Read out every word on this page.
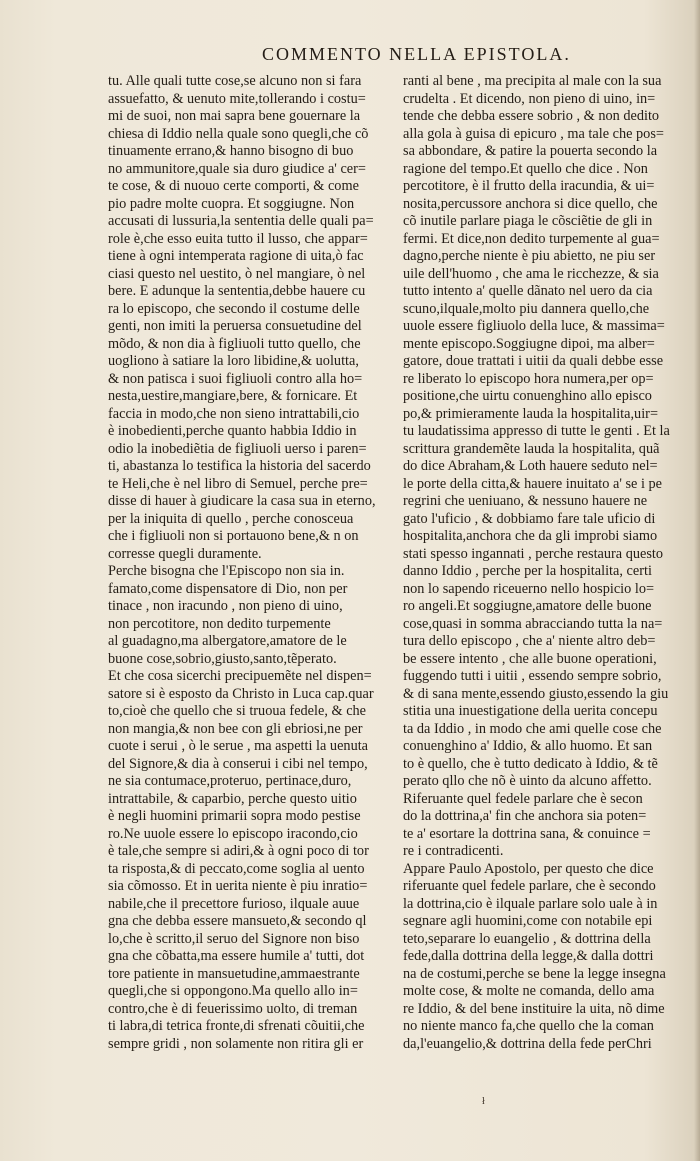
COMMENTO NELLA EPISTOLA.
tu. Alle quali tutte cose,se alcuno non si fara
assuefatto, & uenuto mite,tollerando i costu=
mi de suoi, non mai sapra bene gouernare la
chiesa di Iddio nella quale sono quegli,che cõ
tinuamente errano,& hanno bisogno di buo
no ammunitore,quale sia duro giudice a' cer=
te cose, & di nuouo certe comporti, & come
pio padre molte cuopra. Et soggiugne. Non
accusati di lussuria,la sententia delle quali pa=
role è,che esso euita tutto il lusso, che appar=
tiene à ogni intemperata ragione di uita,ò fac
ciasi questo nel uestito, ò nel mangiare, ò nel
bere. E adunque la sententia,debbe hauere cu
ra lo episcopo, che secondo il costume delle
genti, non imiti la peruersa consuetudine del
mõdo, & non dia à figliuoli tutto quello, che
uogliono à satiare la loro libidine,& uolutta,
& non patisca i suoi figliuoli contro alla ho=
nesta,uestire,mangiare,bere, & fornicare. Et
faccia in modo,che non sieno intrattabili,cio
è inobedienti,perche quanto habbia Iddio in
odio la inobediẽtia de figliuoli uerso i paren=
ti, abastanza lo testifica la historia del sacerdo
te Heli,che è nel libro di Semuel, perche pre=
disse di hauer à giudicare la casa sua in eterno,
per la iniquita di quello , perche conosceua
che i figliuoli non si portauono bene,& n on
corresse quegli duramente.
Perche bisogna che l'Episcopo non sia in.
famato,come dispensatore di Dio, non per
tinace , non iracundo , non pieno di uino,
non percotitore, non dedito turpemente
al guadagno,ma albergatore,amatore de le
buone cose,sobrio,giusto,santo,tẽperato.
Et che cosa sicerchi precipuemẽte nel dispen=
satore si è esposto da Christo in Luca cap.quar
to,cioè che quello che si truoua fedele, & che
non mangia,& non bee con gli ebriosi,ne per
cuote i serui , ò le serue , ma aspetti la uenuta
del Signore,& dia à conserui i cibi nel tempo,
ne sia contumace,proteruo, pertinace,duro,
intrattabile, & caparbio, perche questo uitio
è negli huomini primarii sopra modo pestise
ro.Ne uuole essere lo episcopo iracondo,cio
è tale,che sempre si adiri,& à ogni poco di tor
ta risposta,& di peccato,come soglia al uento
sia cõmosso. Et in uerita niente è piu inratio=
nabile,che il precettore furioso, ilquale auue
gna che debba essere mansueto,& secondo ql
lo,che è scritto,il seruo del Signore non biso
gna che cõbatta,ma essere humile a' tutti, dot
tore patiente in mansuetudine,ammaestrante
quegli,che si oppongono.Ma quello allo in=
contro,che è di feuerissimo uolto, di treman
ti labra,di tetrica fronte,di sfrenati cõuitii,che
sempre gridi , non solamente non ritira gli er
ranti al bene , ma precipita al male con la sua
crudelta . Et dicendo, non pieno di uino, in=
tende che debba essere sobrio , & non dedito
alla gola à guisa di epicuro , ma tale che pos=
sa abbondare, & patire la pouerta secondo la
ragione del tempo.Et quello che dice . Non
percotitore, è il frutto della iracundia, & ui=
nosita,percussore anchora si dice quello, che
cõ inutile parlare piaga le cõsciẽtie de gli in
fermi. Et dice,non dedito turpemente al gua=
dagno,perche niente è piu abietto, ne piu ser
uile dell'huomo , che ama le ricchezze, & sia
tutto intento a' quelle dãnato nel uero da cia
scuno,ilquale,molto piu dannera quello,che
uuole essere figliuolo della luce, & massima=
mente episcopo.Soggiugne dipoi, ma alber=
gatore, doue trattati i uitii da quali debbe esse
re liberato lo episcopo hora numera,per op=
positione,che uirtu conuenghino allo episco
po,& primieramente lauda la hospitalita,uir=
tu laudatissima appresso di tutte le genti . Et la
scrittura grandemẽte lauda la hospitalita, quã
do dice Abraham,& Loth hauere seduto nel=
le porte della citta,& hauere inuitato a' se i pe
regrini che ueniuano, & nessuno hauere ne
gato l'uficio , & dobbiamo fare tale uficio di
hospitalita,anchora che da gli improbi siamo
stati spesso ingannati , perche restaura questo
danno Iddio , perche per la hospitalita, certi
non lo sapendo riceuerno nello hospicio lo=
ro angeli.Et soggiugne,amatore delle buone
cose,quasi in somma abracciando tutta la na=
tura dello episcopo , che a' niente altro deb=
be essere intento , che alle buone operationi,
fuggendo tutti i uitii , essendo sempre sobrio,
& di sana mente,essendo giusto,essendo la giu
stitia una inuestigatione della uerita concepu
ta da Iddio , in modo che ami quelle cose che
conuenghino a' Iddio, & allo huomo. Et san
to è quello, che è tutto dedicato à Iddio, & tẽ
perato qllo che nõ è uinto da alcuno affetto.
Riferuante quel fedele parlare che è secon
do la dottrina,a' fin che anchora sia poten=
te a' esortare la dottrina sana, & conuince =
re i contradicenti.
Appare Paulo Apostolo, per questo che dice
riferuante quel fedele parlare, che è secondo
la dottrina,cio è ilquale parlare solo uale à in
segnare agli huomini,come con notabile epi
teto,separare lo euangelio , & dottrina della
fede,dalla dottrina della legge,& dalla dottri
na de costumi,perche se bene la legge insegna
molte cose, & molte ne comanda, dello ama
re Iddio, & del bene instituire la uita, nõ dime
no niente manco fa,che quello che la coman
da,l'euangelio,& dottrina della fede perChri
ł
